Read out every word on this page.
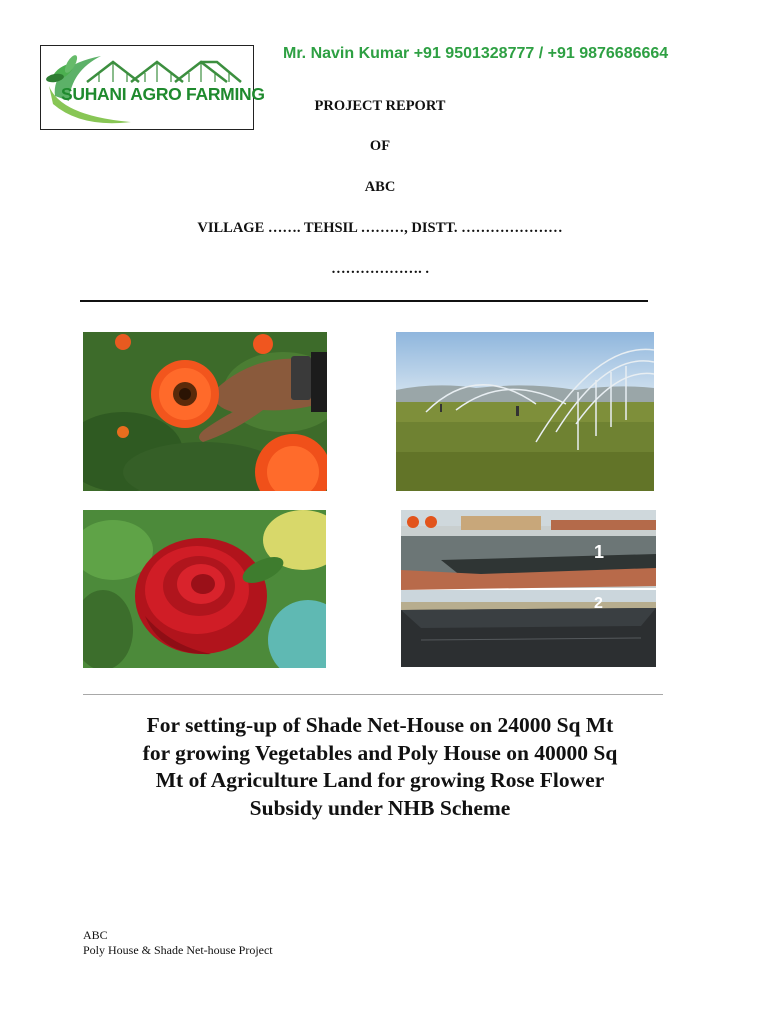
SUHANI AGRO FARMING
Mr. Navin Kumar +91 9501328777 / +91 9876686664
PROJECT REPORT
OF
ABC
VILLAGE ……. TEHSIL ………, DISTT. …………………
………………. .
1
2
For setting-up of Shade Net-House on 24000 Sq Mt
for growing Vegetables and Poly House on 40000 Sq
Mt of Agriculture Land for growing Rose Flower
Subsidy under NHB Scheme
ABC
Poly House & Shade Net-house Project
